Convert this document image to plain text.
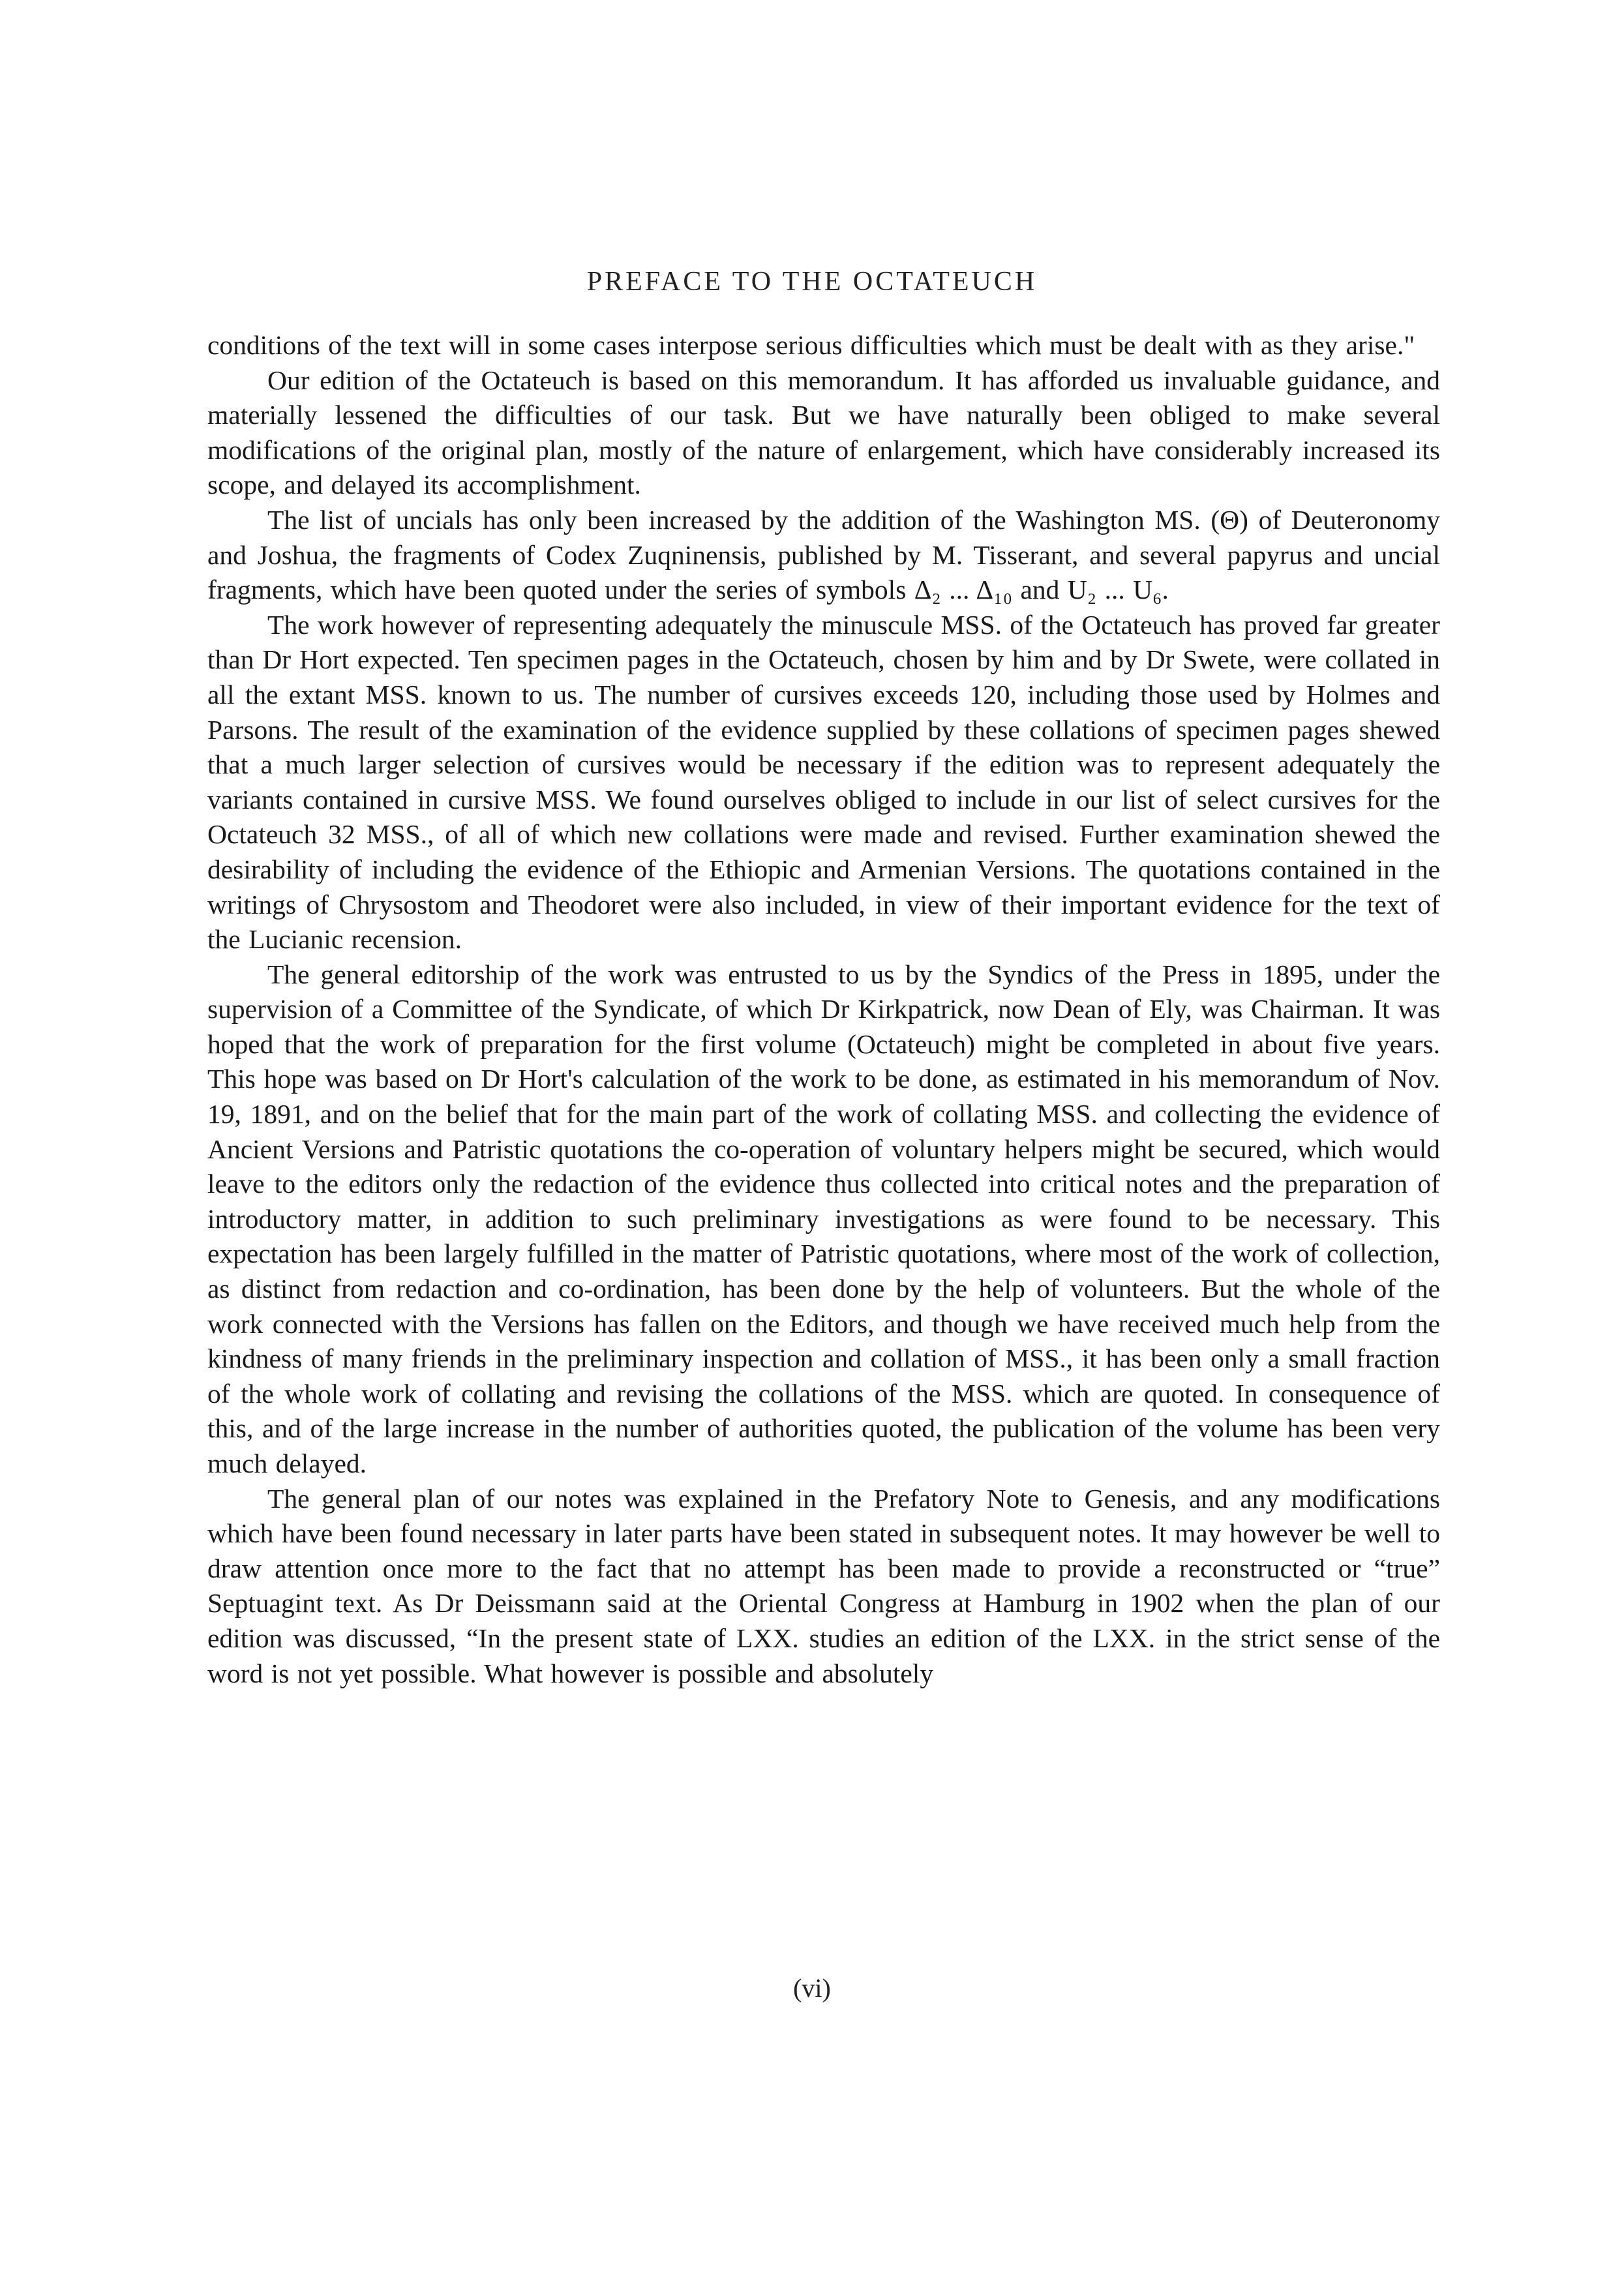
PREFACE TO THE OCTATEUCH

conditions of the text will in some cases interpose serious difficulties which must be dealt with as they arise."

Our edition of the Octateuch is based on this memorandum. It has afforded us invaluable guidance, and materially lessened the difficulties of our task. But we have naturally been obliged to make several modifications of the original plan, mostly of the nature of enlargement, which have considerably increased its scope, and delayed its accomplishment.

The list of uncials has only been increased by the addition of the Washington MS. (Θ) of Deuteronomy and Joshua, the fragments of Codex Zuqninensis, published by M. Tisserant, and several papyrus and uncial fragments, which have been quoted under the series of symbols Δ₂ ... Δ₁₀ and U₂ ... U₆.

The work however of representing adequately the minuscule MSS. of the Octateuch has proved far greater than Dr Hort expected. Ten specimen pages in the Octateuch, chosen by him and by Dr Swete, were collated in all the extant MSS. known to us. The number of cursives exceeds 120, including those used by Holmes and Parsons. The result of the examination of the evidence supplied by these collations of specimen pages shewed that a much larger selection of cursives would be necessary if the edition was to represent adequately the variants contained in cursive MSS. We found ourselves obliged to include in our list of select cursives for the Octateuch 32 MSS., of all of which new collations were made and revised. Further examination shewed the desirability of including the evidence of the Ethiopic and Armenian Versions. The quotations contained in the writings of Chrysostom and Theodoret were also included, in view of their important evidence for the text of the Lucianic recension.

The general editorship of the work was entrusted to us by the Syndics of the Press in 1895, under the supervision of a Committee of the Syndicate, of which Dr Kirkpatrick, now Dean of Ely, was Chairman. It was hoped that the work of preparation for the first volume (Octateuch) might be completed in about five years. This hope was based on Dr Hort's calculation of the work to be done, as estimated in his memorandum of Nov. 19, 1891, and on the belief that for the main part of the work of collating MSS. and collecting the evidence of Ancient Versions and Patristic quotations the co-operation of voluntary helpers might be secured, which would leave to the editors only the redaction of the evidence thus collected into critical notes and the preparation of introductory matter, in addition to such preliminary investigations as were found to be necessary. This expectation has been largely fulfilled in the matter of Patristic quotations, where most of the work of collection, as distinct from redaction and co-ordination, has been done by the help of volunteers. But the whole of the work connected with the Versions has fallen on the Editors, and though we have received much help from the kindness of many friends in the preliminary inspection and collation of MSS., it has been only a small fraction of the whole work of collating and revising the collations of the MSS. which are quoted. In consequence of this, and of the large increase in the number of authorities quoted, the publication of the volume has been very much delayed.

The general plan of our notes was explained in the Prefatory Note to Genesis, and any modifications which have been found necessary in later parts have been stated in subsequent notes. It may however be well to draw attention once more to the fact that no attempt has been made to provide a reconstructed or “true” Septuagint text. As Dr Deissmann said at the Oriental Congress at Hamburg in 1902 when the plan of our edition was discussed, “In the present state of LXX. studies an edition of the LXX. in the strict sense of the word is not yet possible. What however is possible and absolutely

(vi)
